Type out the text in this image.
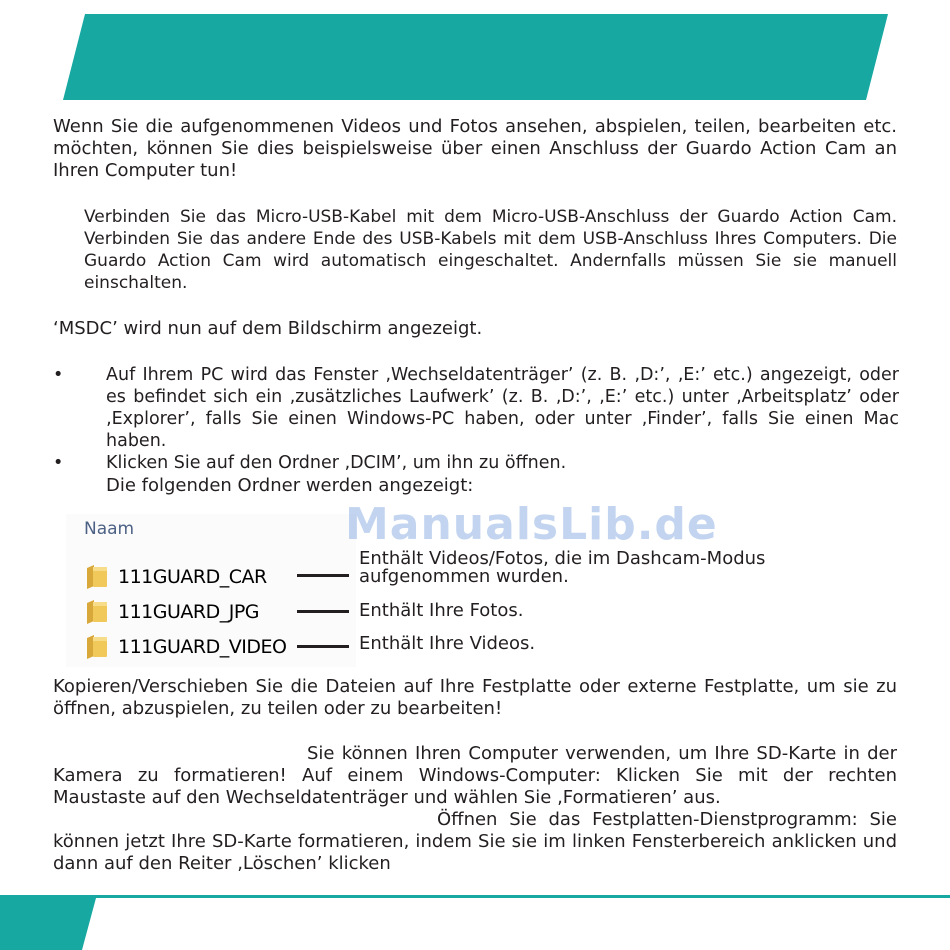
Wenn Sie die aufgenommenen Videos und Fotos ansehen, abspielen, teilen, bearbeiten etc. möchten, können Sie dies beispielsweise über einen Anschluss der Guardo Action Cam an Ihren Computer tun!

Verbinden Sie das Micro-USB-Kabel mit dem Micro-USB-Anschluss der Guardo Action Cam. Verbinden Sie das andere Ende des USB-Kabels mit dem USB-Anschluss Ihres Computers. Die Guardo Action Cam wird automatisch eingeschaltet. Andernfalls müssen Sie sie manuell einschalten.

‘MSDC’ wird nun auf dem Bildschirm angezeigt.

•	Auf Ihrem PC wird das Fenster ‚Wechseldatenträger’ (z. B. ‚D:’, ‚E:’ etc.) angezeigt, oder es befindet sich ein ‚zusätzliches Laufwerk’ (z. B. ‚D:’, ‚E:’ etc.) unter ‚Arbeitsplatz’ oder ‚Explorer’, falls Sie einen Windows-PC haben, oder unter ‚Finder’, falls Sie einen Mac haben.
•	Klicken Sie auf den Ordner ‚DCIM’, um ihn zu öffnen.

Die folgenden Ordner werden angezeigt:

Naam
111GUARD_CAR
111GUARD_JPG
111GUARD_VIDEO
Enthält Videos/Fotos, die im Dashcam-Modus
aufgenommen wurden.
Enthält Ihre Fotos.
Enthält Ihre Videos.

Kopieren/Verschieben Sie die Dateien auf Ihre Festplatte oder externe Festplatte, um sie zu öffnen, abzuspielen, zu teilen oder zu bearbeiten!

Sie können Ihren Computer verwenden, um Ihre SD-Karte in der Kamera zu formatieren! Auf einem Windows-Computer: Klicken Sie mit der rechten Maustaste auf den Wechseldatenträger und wählen Sie ‚Formatieren’ aus.

Öffnen Sie das Festplatten-Dienstprogramm: Sie können jetzt Ihre SD-Karte formatieren, indem Sie sie im linken Fensterbereich anklicken und dann auf den Reiter ‚Löschen’ klicken

ManualsLib.de
